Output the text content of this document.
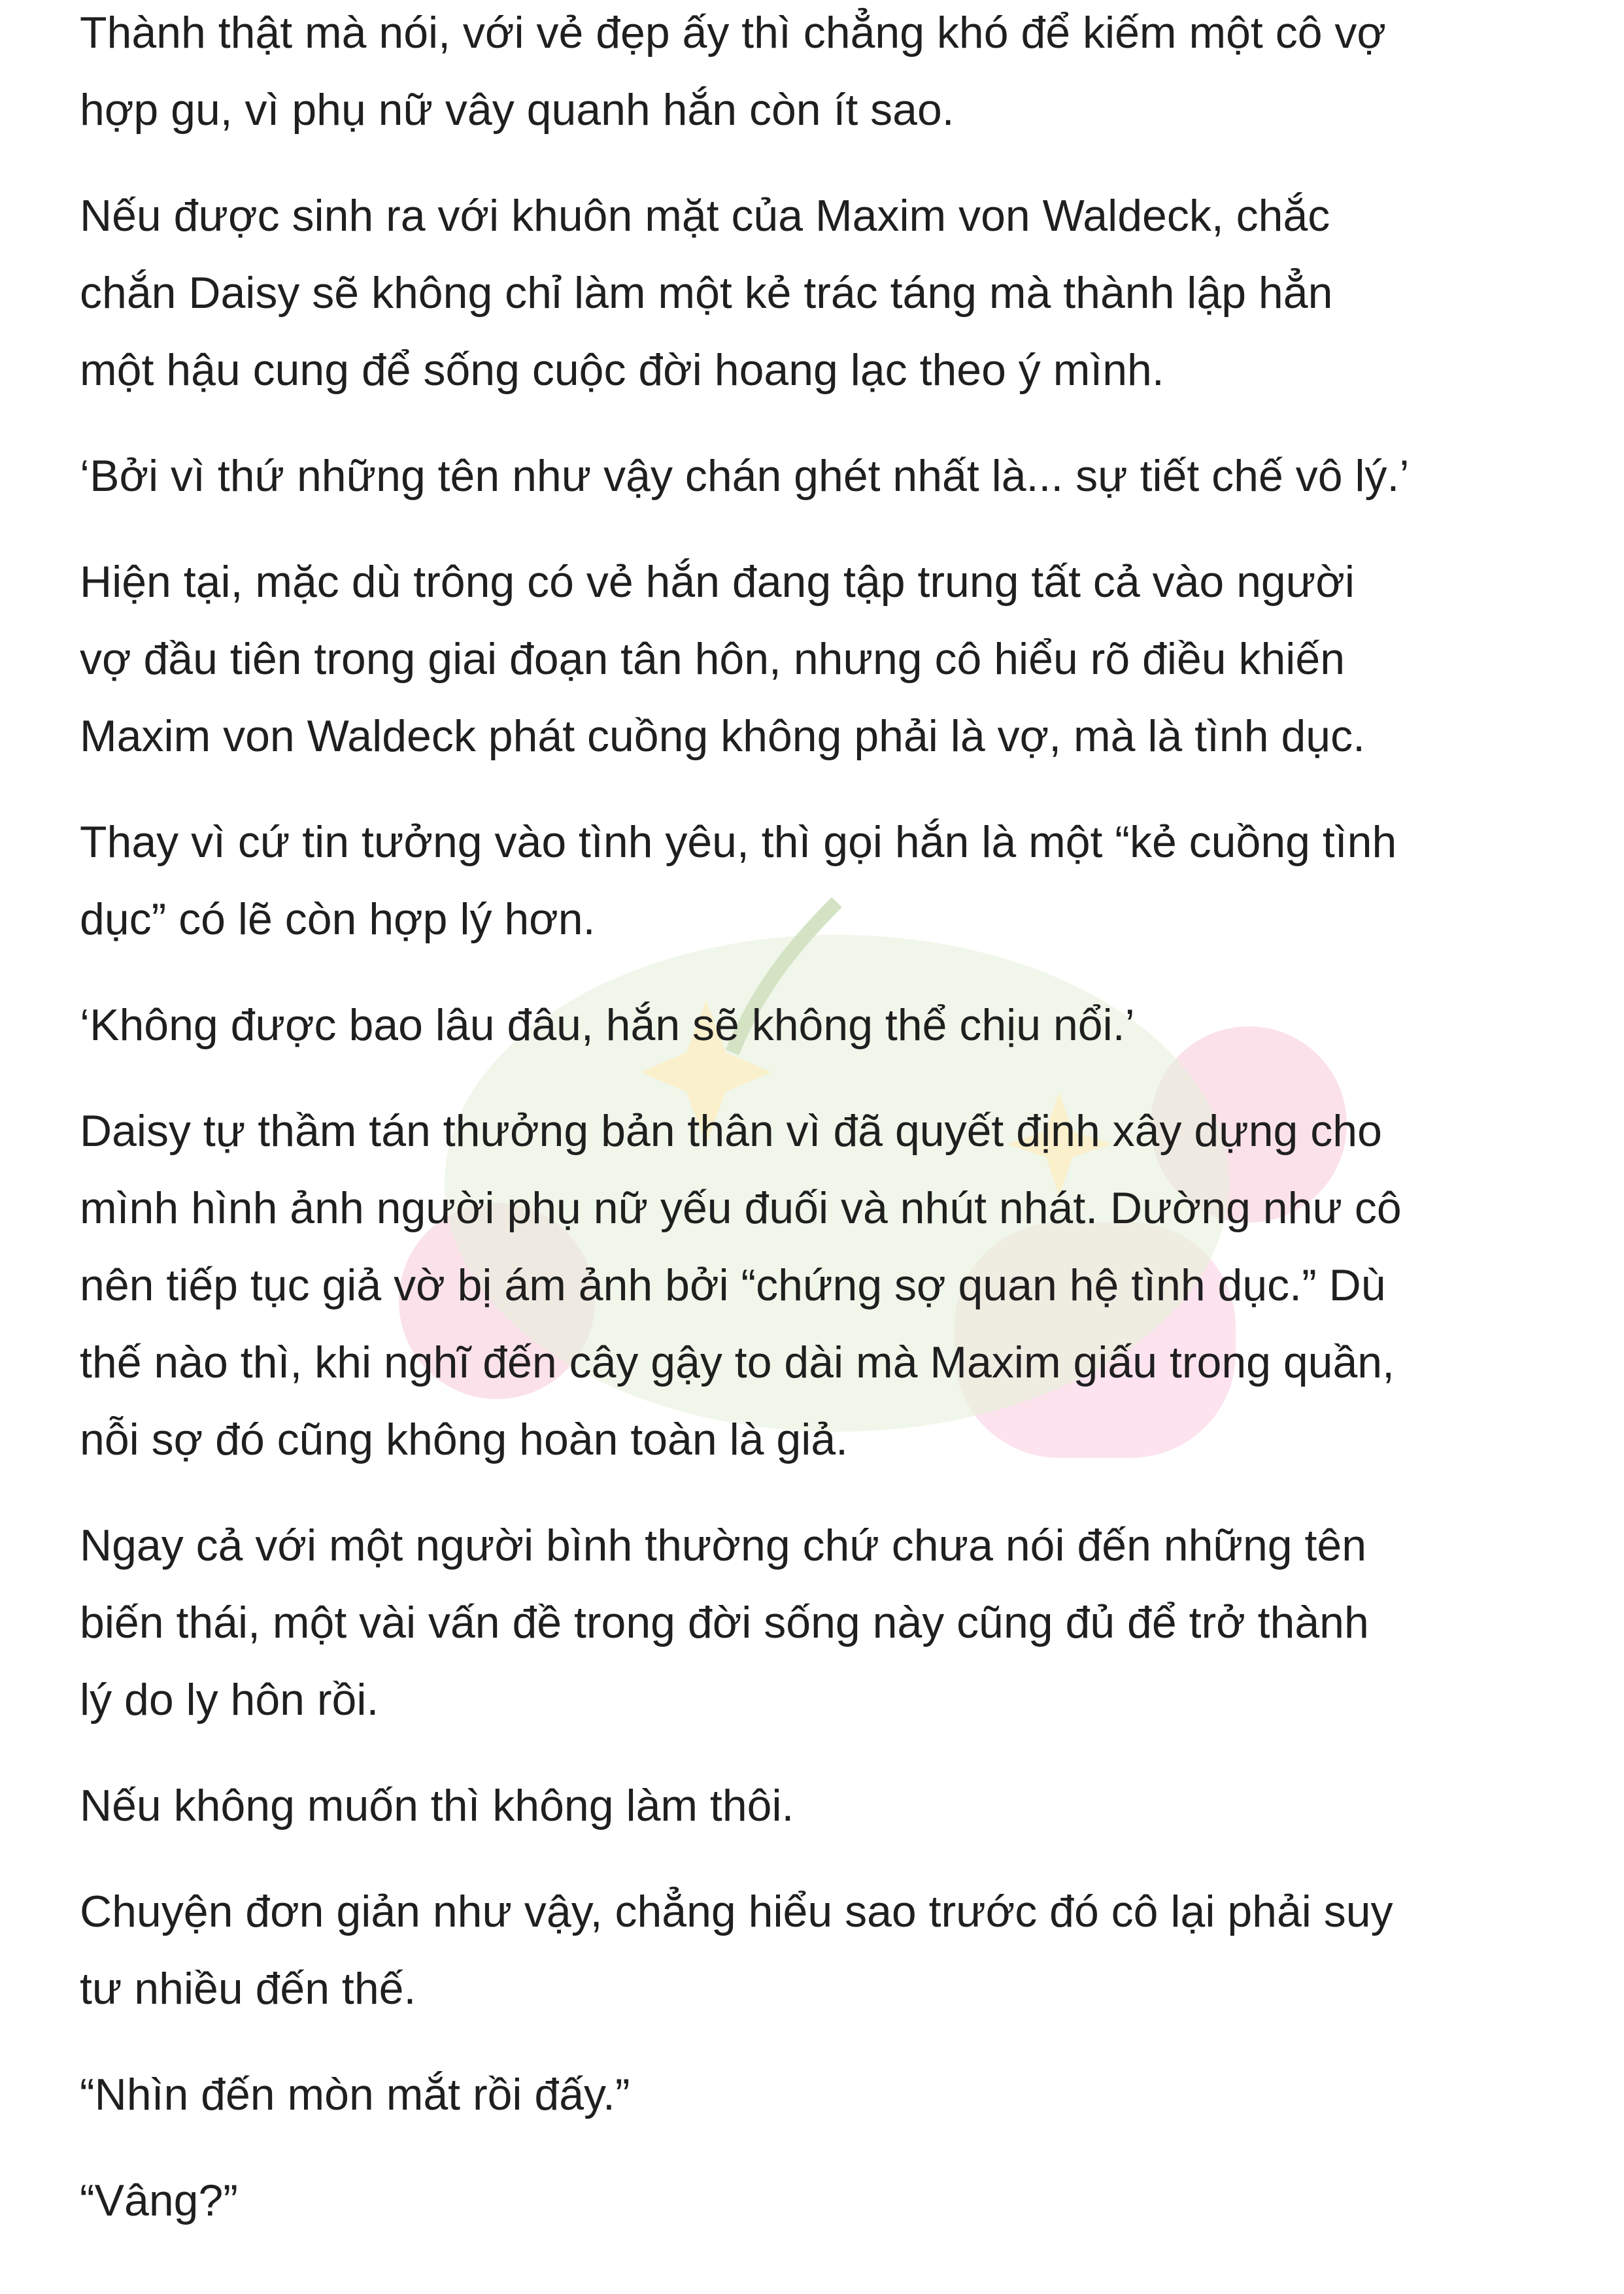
Thành thật mà nói, với vẻ đẹp ấy thì chẳng khó để kiếm một cô vợ
hợp gu, vì phụ nữ vây quanh hắn còn ít sao.
Nếu được sinh ra với khuôn mặt của Maxim von Waldeck, chắc
chắn Daisy sẽ không chỉ làm một kẻ trác táng mà thành lập hẳn
một hậu cung để sống cuộc đời hoang lạc theo ý mình.
‘Bởi vì thứ những tên như vậy chán ghét nhất là... sự tiết chế vô lý.’
Hiện tại, mặc dù trông có vẻ hắn đang tập trung tất cả vào người
vợ đầu tiên trong giai đoạn tân hôn, nhưng cô hiểu rõ điều khiến
Maxim von Waldeck phát cuồng không phải là vợ, mà là tình dục.
Thay vì cứ tin tưởng vào tình yêu, thì gọi hắn là một “kẻ cuồng tình
dục” có lẽ còn hợp lý hơn.
‘Không được bao lâu đâu, hắn sẽ không thể chịu nổi.’
Daisy tự thầm tán thưởng bản thân vì đã quyết định xây dựng cho
mình hình ảnh người phụ nữ yếu đuối và nhút nhát. Dường như cô
nên tiếp tục giả vờ bị ám ảnh bởi “chứng sợ quan hệ tình dục.” Dù
thế nào thì, khi nghĩ đến cây gậy to dài mà Maxim giấu trong quần,
nỗi sợ đó cũng không hoàn toàn là giả.
Ngay cả với một người bình thường chứ chưa nói đến những tên
biến thái, một vài vấn đề trong đời sống này cũng đủ để trở thành
lý do ly hôn rồi.
Nếu không muốn thì không làm thôi.
Chuyện đơn giản như vậy, chẳng hiểu sao trước đó cô lại phải suy
tư nhiều đến thế.
“Nhìn đến mòn mắt rồi đấy.”
“Vâng?”
